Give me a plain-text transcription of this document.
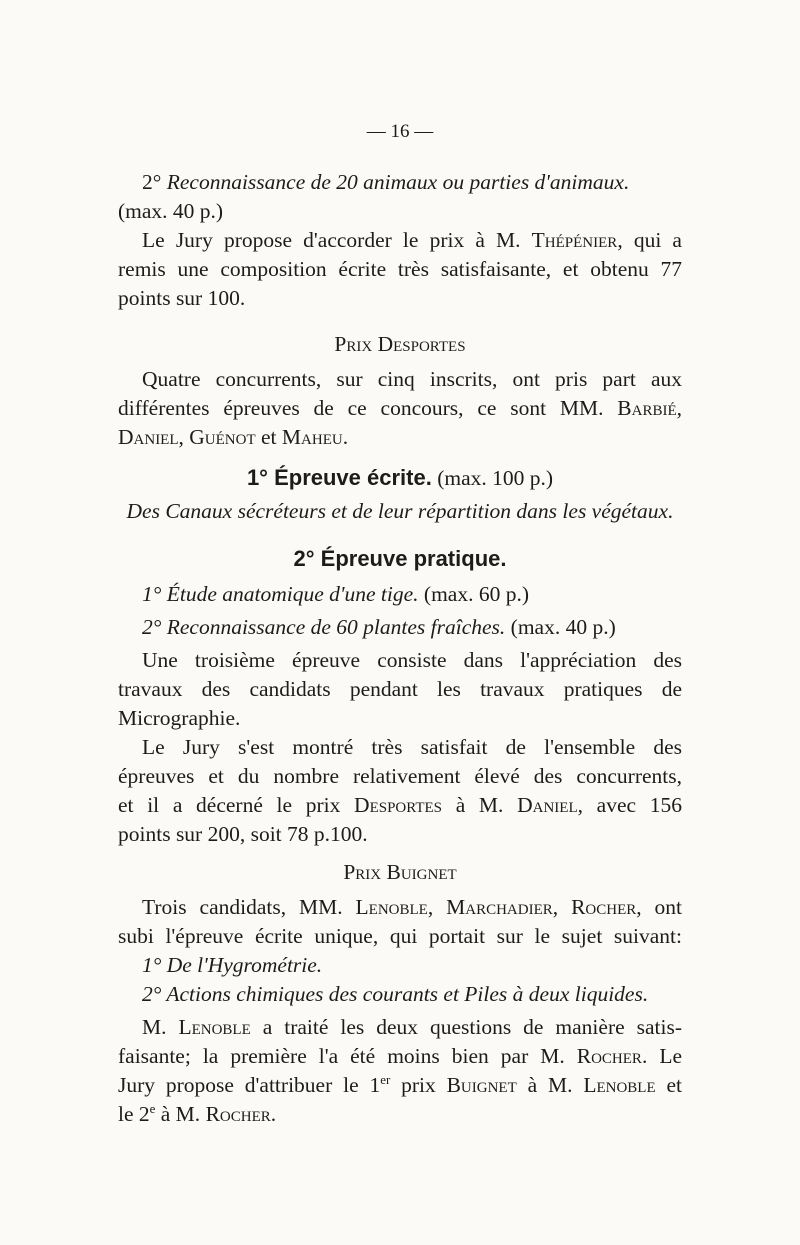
— 16 —
2° Reconnaissance de 20 animaux ou parties d'animaux.
(max. 40 p.)
Le Jury propose d'accorder le prix à M. Thépénier, qui a
remis une composition écrite très satisfaisante, et obtenu 77
points sur 100.
Prix Desportes
Quatre concurrents, sur cinq inscrits, ont pris part aux
différentes épreuves de ce concours, ce sont MM. Barbié,
Daniel, Guénot et Maheu.
1° Épreuve écrite. (max. 100 p.)
Des Canaux sécréteurs et de leur répartition dans les végétaux.
2° Épreuve pratique.
1° Étude anatomique d'une tige. (max. 60 p.)
2° Reconnaissance de 60 plantes fraîches. (max. 40 p.)
Une troisième épreuve consiste dans l'appréciation des
travaux des candidats pendant les travaux pratiques de
Micrographie.
Le Jury s'est montré très satisfait de l'ensemble des
épreuves et du nombre relativement élevé des concurrents,
et il a décerné le prix Desportes à M. Daniel, avec 156
points sur 200, soit 78 p.100.
Prix Buignet
Trois candidats, MM. Lenoble, Marchadier, Rocher, ont
subi l'épreuve écrite unique, qui portait sur le sujet suivant:
1° De l'Hygrométrie.
2° Actions chimiques des courants et Piles à deux liquides.
M. Lenoble a traité les deux questions de manière satis-
faisante; la première l'a été moins bien par M. Rocher. Le
Jury propose d'attribuer le 1er prix Buignet à M. Lenoble et
le 2e à M. Rocher.
